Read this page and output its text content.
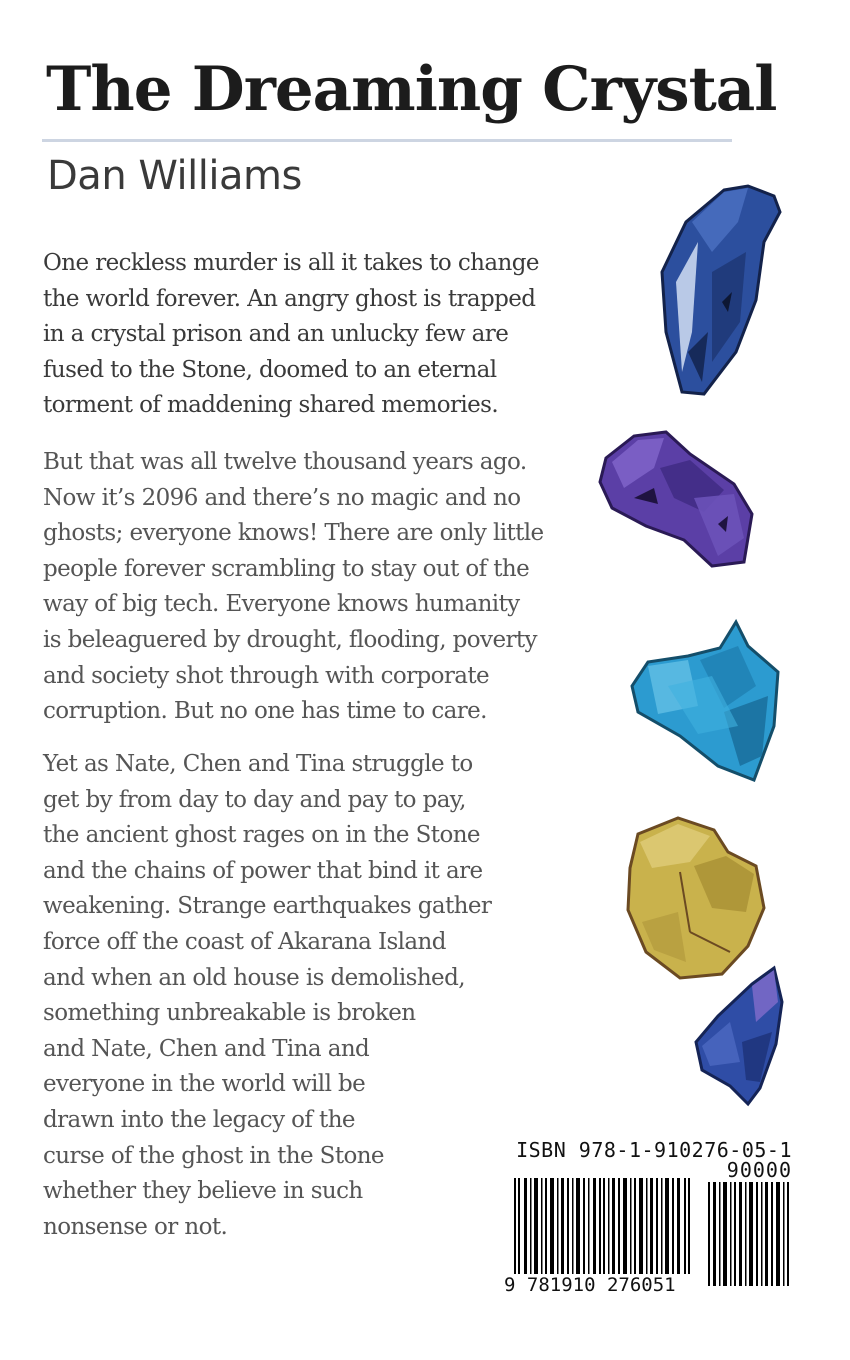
The Dreaming Crystal
Dan Williams
One reckless murder is all it takes to change
the world forever. An angry ghost is trapped
in a crystal prison and an unlucky few are
fused to the Stone, doomed to an eternal
torment of maddening shared memories.
But that was all twelve thousand years ago.
Now it’s 2096 and there’s no magic and no
ghosts; everyone knows! There are only little
people forever scrambling to stay out of the
way of big tech. Everyone knows humanity
is beleaguered by drought, flooding, poverty
and society shot through with corporate
corruption. But no one has time to care.
Yet as Nate, Chen and Tina struggle to
get by from day to day and pay to pay,
the ancient ghost rages on in the Stone
and the chains of power that bind it are
weakening. Strange earthquakes gather
force off the coast of Akarana Island
and when an old house is demolished,
something unbreakable is broken
and Nate, Chen and Tina and
everyone in the world will be
drawn into the legacy of the
curse of the ghost in the Stone
whether they believe in such
nonsense or not.
ISBN 978-1-910276-05-1
90000
9 781910 276051
